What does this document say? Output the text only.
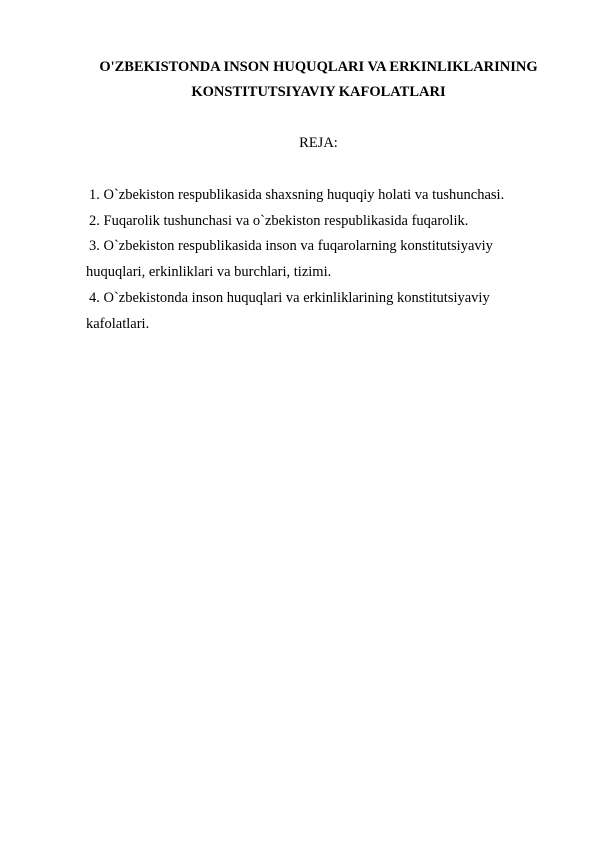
O'ZBEKISTONDA INSON HUQUQLARI VA ERKINLIKLARINING
KONSTITUTSIYAVIY KAFOLATLARI

REJA:

1. O`zbekiston respublikasida shaxsning huquqiy holati va tushunchasi.
2. Fuqarolik tushunchasi va o`zbekiston respublikasida fuqarolik.
3. O`zbekiston respublikasida inson va fuqarolarning konstitutsiyaviy huquqlari, erkinliklari va burchlari, tizimi.
4. O`zbekistonda inson huquqlari va erkinliklarining konstitutsiyaviy kafolatlari.
